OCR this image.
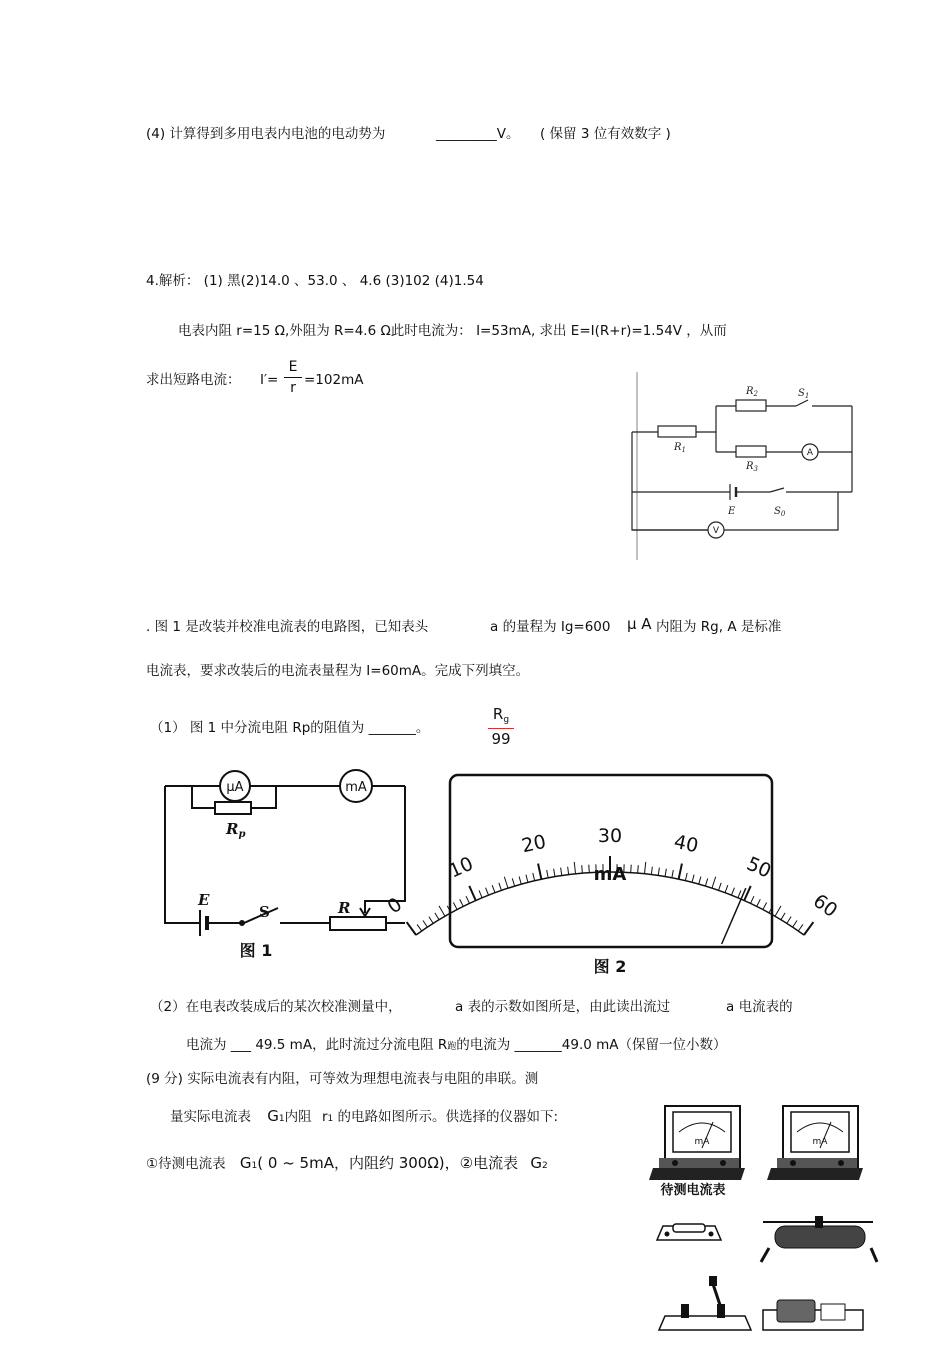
(4) 计算得到多用电表内电池的电动势为	_________V。 ( 保留 3 位有效数字 )
4.解析： (1) 黑(2)14.0 、53.0 、 4.6 (3)102 (4)1.54
电表内阻 r=15 Ω,外阻为 R=4.6 Ω此时电流为： I=53mA, 求出 E=I(R+r)=1.54V ，从而
求出短路电流： I′=
E
r =102mA
$R_1$
$R_2$
$R_3$
$S_1$
E	$S_0$
A
V
. 图 1 是改装并校准电流表的电路图，已知表头	a 的量程为 Ig=600 μ A 内阻为 Rg, A 是标准
电流表，要求改装后的电流表量程为 I=60mA。完成下列填空。
（1） 图 1 中分流电阻 Rp的阻值为 _______。
$R_g$
99
μA	mA
$R_p$
E
S	R
图 1
0
10
20	30	40
50
60
mA
图 2
（2）在电表改装成后的某次校准测量中，	a 表的示数如图所是，由此读出流过	a 电流表的
电流为 ___ 49.5 mA，此时流过分流电阻 R跑的电流为 _______49.0 mA（保留一位小数）
(9 分) 实际电流表有内阻，可等效为理想电流表与电阻的串联。测
量实际电流表 G1内阻 r1 的电路如图所示。供选择的仪器如下:
①待测电流表 G1( 0 ~ 5mA，内阻约 300Ω)，②电流表 G2
mA
待测电流表
mA
